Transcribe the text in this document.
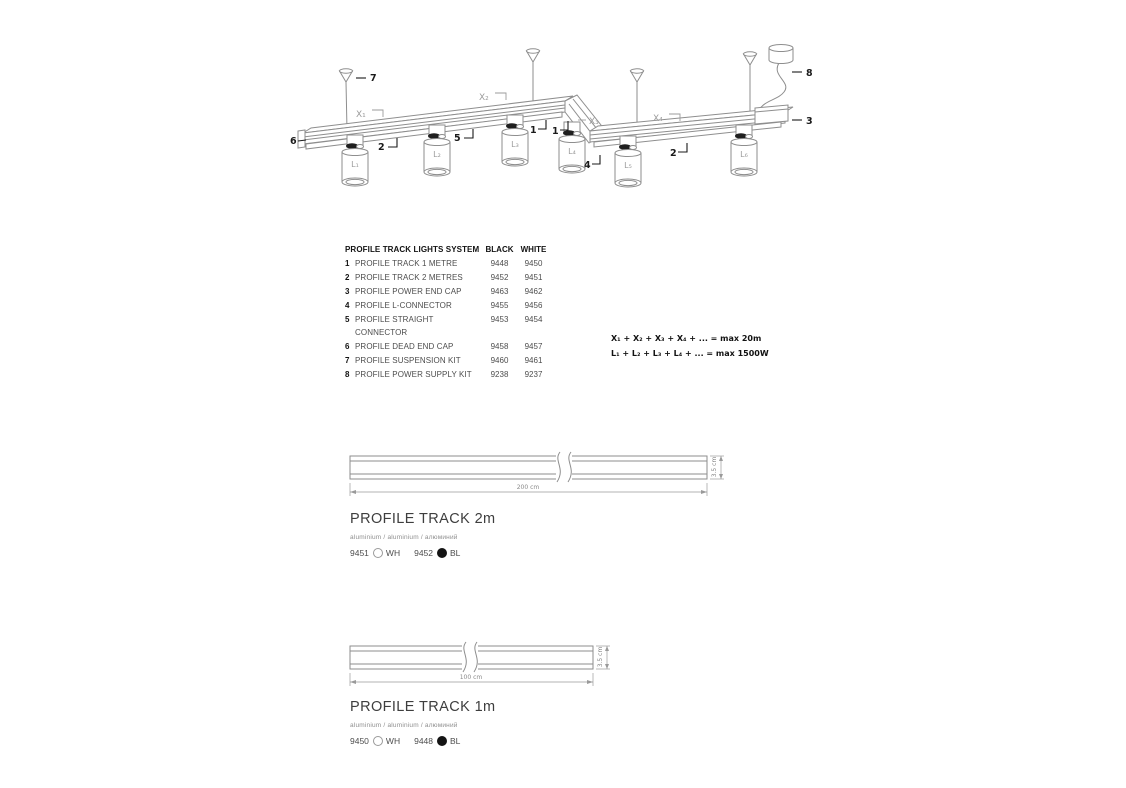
L₁
L₂
L₃
L₄
L₅
L₆
X₁
X₂
X₃	X₄
6
7
2
5
1 1
4
2
3
8
PROFILE TRACK LIGHTS SYSTEM BLACK WHITE
1 PROFILE TRACK 1 METRE	9448	9450
2 PROFILE TRACK 2 METRES	9452	9451
3 PROFILE POWER END CAP	9463	9462
4 PROFILE L-CONNECTOR	9455	9456
5 PROFILE STRAIGHT CONNECTOR
9453	9454
6 PROFILE DEAD END CAP	9458	9457
7 PROFILE SUSPENSION KIT	9460	9461
8 PROFILE POWER SUPPLY KIT	9238	9237
X₁ + X₂ + X₃ + X₄ + ... = max 20m
L₁ + L₂ + L₃ + L₄ + ... = max 1500W
200 cm
3.5 cm
PROFILE TRACK 2m
aluminium / aluminium / алюминий
9451 WH 9452 BL
100 cm
3.5 cm
PROFILE TRACK 1m
aluminium / aluminium / алюминий
9450 WH 9448 BL
